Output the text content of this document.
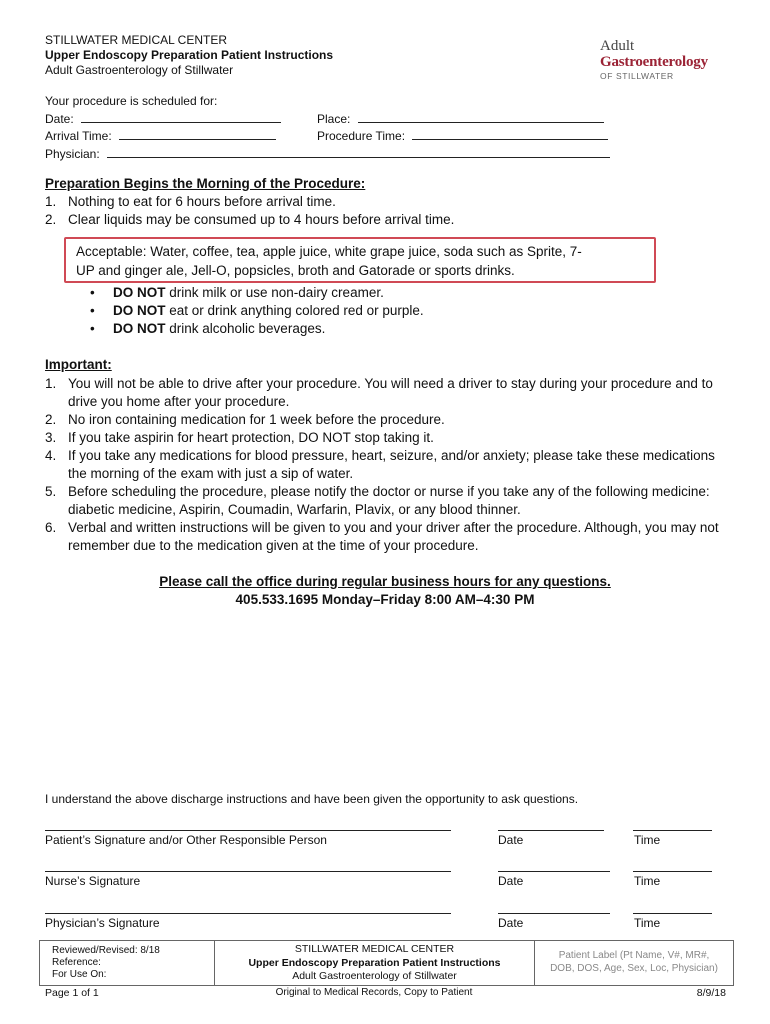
STILLWATER MEDICAL CENTER
Upper Endoscopy Preparation Patient Instructions
Adult Gastroenterology of Stillwater
Adult
Gastroenterology
OF STILLWATER
Your procedure is scheduled for:
Date:	Place:
Arrival Time:	Procedure Time:
Physician:
Preparation Begins the Morning of the Procedure:
1. Nothing to eat for 6 hours before arrival time.
2. Clear liquids may be consumed up to 4 hours before arrival time.
Acceptable: Water, coffee, tea, apple juice, white grape juice, soda such as Sprite, 7-
UP and ginger ale, Jell-O, popsicles, broth and Gatorade or sports drinks.
• DO NOT drink milk or use non-dairy creamer.
• DO NOT eat or drink anything colored red or purple.
• DO NOT drink alcoholic beverages.
Important:
1. You will not be able to drive after your procedure. You will need a driver to stay during your procedure and to drive you home after your procedure.
2. No iron containing medication for 1 week before the procedure.
3. If you take aspirin for heart protection, DO NOT stop taking it.
4. If you take any medications for blood pressure, heart, seizure, and/or anxiety; please take these medications the morning of the exam with just a sip of water.
5. Before scheduling the procedure, please notify the doctor or nurse if you take any of the following medicine: diabetic medicine, Aspirin, Coumadin, Warfarin, Plavix, or any blood thinner.
6. Verbal and written instructions will be given to you and your driver after the procedure. Although, you may not remember due to the medication given at the time of your procedure.
Please call the office during regular business hours for any questions.
405.533.1695 Monday–Friday 8:00 AM–4:30 PM
I understand the above discharge instructions and have been given the opportunity to ask questions.
Patient’s Signature and/or Other Responsible Person	Date	Time
Nurse’s Signature	Date	Time
Physician’s Signature	Date	Time
Reviewed/Revised: 8/18
Reference:
For Use On:
STILLWATER MEDICAL CENTER
Upper Endoscopy Preparation Patient Instructions
Adult Gastroenterology of Stillwater
Patient Label (Pt Name, V#, MR#,
DOB, DOS, Age, Sex, Loc, Physician)
Page 1 of 1	Original to Medical Records, Copy to Patient	8/9/18
